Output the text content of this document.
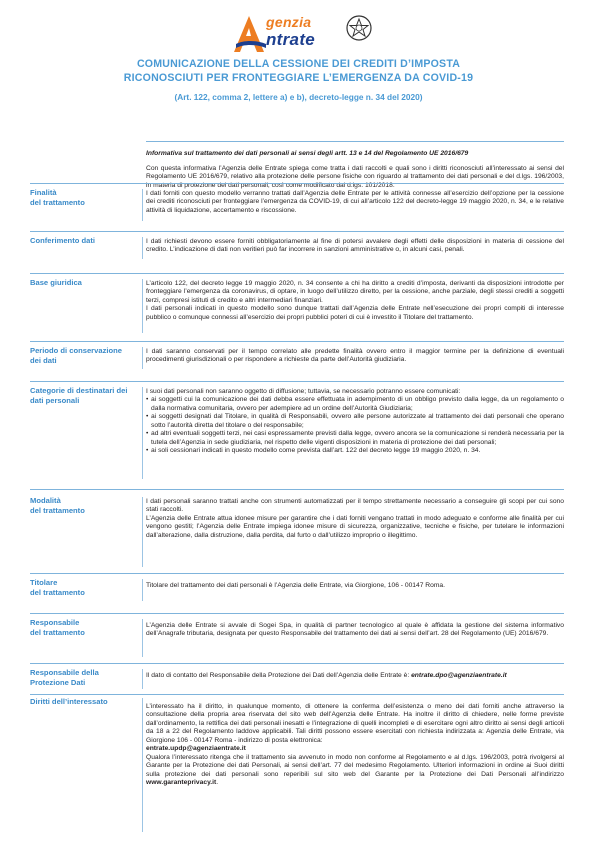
genzia
ntrate
COMUNICAZIONE DELLA CESSIONE DEI CREDITI D’IMPOSTA
RICONOSCIUTI PER FRONTEGGIARE L’EMERGENZA DA COVID-19
(Art. 122, comma 2, lettere a) e b), decreto-legge n. 34 del 2020)
Informativa sul trattamento dei dati personali ai sensi degli artt. 13 e 14 del Regolamento UE 2016/679
Con questa informativa l’Agenzia delle Entrate spiega come tratta i dati raccolti e quali sono i diritti riconosciuti all’interessato ai sensi del Regolamento UE 2016/679, relativo alla protezione delle persone fisiche con riguardo al trattamento dei dati personali e del d.lgs. 196/2003, in materia di protezione dei dati personali, così come modificato dal d.lgs. 101/2018.
Finalità
del trattamento
I dati forniti con questo modello verranno trattati dall’Agenzia delle Entrate per le attività connesse all’esercizio dell’opzione per la cessione dei crediti riconosciuti per fronteggiare l’emergenza da COVID-19, di cui all’articolo 122 del decreto-legge 19 maggio 2020, n. 34, e le relative attività di liquidazione, accertamento e riscossione.
Conferimento dati	I dati richiesti devono essere forniti obbligatoriamente al fine di potersi avvalere degli effetti delle disposizioni in materia di cessione del credito. L’indicazione di dati non veritieri può far incorrere in sanzioni amministrative o, in alcuni casi, penali.
Base giuridica	L’articolo 122, del decreto legge 19 maggio 2020, n. 34 consente a chi ha diritto a crediti d’imposta, derivanti da disposizioni introdotte per fronteggiare l’emergenza da coronavirus, di optare, in luogo dell’utilizzo diretto, per la cessione, anche parziale, degli stessi crediti a soggetti terzi, compresi istituti di credito e altri intermediari finanziari.
I dati personali indicati in questo modello sono dunque trattati dall’Agenzia delle Entrate nell’esecuzione dei propri compiti di interesse pubblico o comunque connessi all’esercizio dei propri pubblici poteri di cui è investito il Titolare del trattamento.
Periodo di conservazione
dei dati
I dati saranno conservati per il tempo correlato alle predette finalità ovvero entro il maggior termine per la definizione di eventuali procedimenti giurisdizionali o per rispondere a richieste da parte dell’Autorità giudiziaria.
Categorie di destinatari dei
dati personali
I suoi dati personali non saranno oggetto di diffusione; tuttavia, se necessario potranno essere comunicati:
• ai soggetti cui la comunicazione dei dati debba essere effettuata in adempimento di un obbligo previsto dalla legge, da un regolamento o dalla normativa comunitaria, ovvero per adempiere ad un ordine dell’Autorità Giudiziaria;
• ai soggetti designati dal Titolare, in qualità di Responsabili, ovvero alle persone autorizzate al trattamento dei dati personali che operano sotto l’autorità diretta del titolare o del responsabile;
• ad altri eventuali soggetti terzi, nei casi espressamente previsti dalla legge, ovvero ancora se la comunicazione si renderà necessaria per la tutela dell’Agenzia in sede giudiziaria, nel rispetto delle vigenti disposizioni in materia di protezione dei dati personali;
• ai soli cessionari indicati in questo modello come prevista dall’art. 122 del decreto legge 19 maggio 2020, n. 34.
Modalità
del trattamento
I dati personali saranno trattati anche con strumenti automatizzati per il tempo strettamente necessario a conseguire gli scopi per cui sono stati raccolti.
L’Agenzia delle Entrate attua idonee misure per garantire che i dati forniti vengano trattati in modo adeguato e conforme alle finalità per cui vengono gestiti; l’Agenzia delle Entrate impiega idonee misure di sicurezza, organizzative, tecniche e fisiche, per tutelare le informazioni dall’alterazione, dalla distruzione, dalla perdita, dal furto o dall’utilizzo improprio o illegittimo.
Titolare
del trattamento
Titolare del trattamento dei dati personali è l’Agenzia delle Entrate, via Giorgione, 106 - 00147 Roma.
Responsabile
del trattamento
L’Agenzia delle Entrate si avvale di Sogei Spa, in qualità di partner tecnologico al quale è affidata la gestione del sistema informativo dell’Anagrafe tributaria, designata per questo Responsabile del trattamento dei dati ai sensi dell’art. 28 del Regolamento (UE) 2016/679.
Responsabile della
Protezione Dati
Il dato di contatto del Responsabile della Protezione dei Dati dell’Agenzia delle Entrate è: entrate.dpo@agenziaentrate.it
Diritti dell’interessato
L’interessato ha il diritto, in qualunque momento, di ottenere la conferma dell’esistenza o meno dei dati forniti anche attraverso la consultazione della propria area riservata del sito web dell’Agenzia delle Entrate. Ha inoltre il diritto di chiedere, nelle forme previste dall’ordinamento, la rettifica dei dati personali inesatti e l’integrazione di quelli incompleti e di esercitare ogni altro diritto ai sensi degli articoli da 18 a 22 del Regolamento laddove applicabili. Tali diritti possono essere esercitati con richiesta indirizzata a: Agenzia delle Entrate, via Giorgione 106 - 00147 Roma - indirizzo di posta elettronica:
entrate.updp@agenziaentrate.it
Qualora l’interessato ritenga che il trattamento sia avvenuto in modo non conforme al Regolamento e al d.lgs. 196/2003, potrà rivolgersi al Garante per la Protezione dei dati Personali, ai sensi dell’art. 77 del medesimo Regolamento. Ulteriori informazioni in ordine ai Suoi diritti sulla protezione dei dati personali sono reperibili sul sito web del Garante per la Protezione dei Dati Personali all’indirizzo www.garanteprivacy.it.
